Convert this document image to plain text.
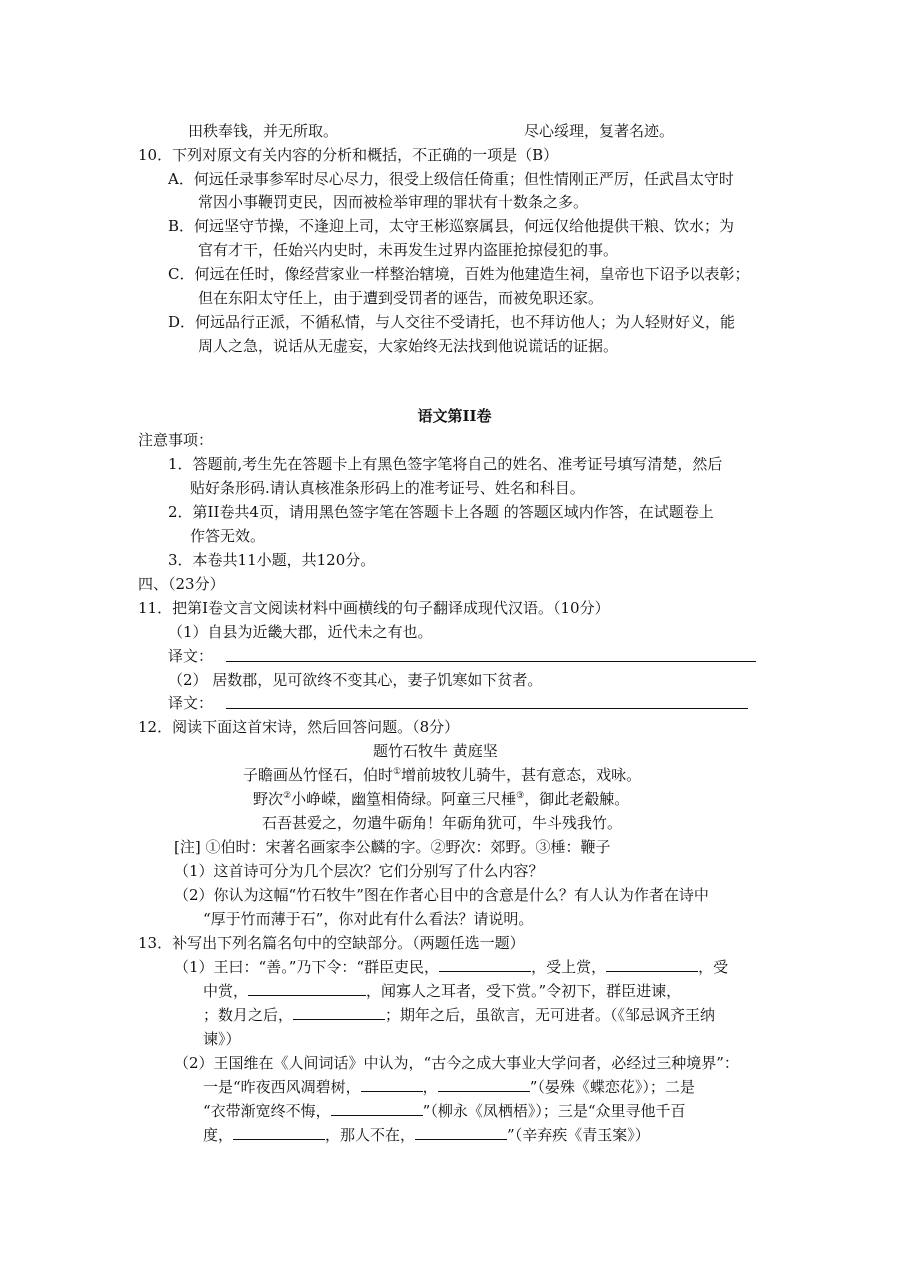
田秩奉钱，并无所取。	尽心绥理，复著名迹。
10．下列对原文有关内容的分析和概括，不正确的一项是（B）
A．何远任录事参军时尽心尽力，很受上级信任倚重；但性情刚正严厉，任武昌太守时
常因小事鞭罚吏民，因而被检举审理的罪状有十数条之多。
B．何远坚守节操，不逢迎上司，太守王彬巡察属县，何远仅给他提供干粮、饮水；为
官有才干，任始兴内史时，未再发生过界内盗匪抢掠侵犯的事。
C．何远在任时，像经营家业一样整治辖境，百姓为他建造生祠，皇帝也下诏予以表彰；
但在东阳太守任上，由于遭到受罚者的诬告，而被免职还家。
D．何远品行正派，不循私情，与人交往不受请托，也不拜访他人；为人轻财好义，能
周人之急，说话从无虚妄，大家始终无法找到他说谎话的证据。
语文第II卷
注意事项：
1．答题前,考生先在答题卡上有黑色签字笔将自己的姓名、准考证号填写清楚，然后
贴好条形码.请认真核准条形码上的准考证号、姓名和科目。
2．第II卷共4页，请用黑色签字笔在答题卡上各题 的答题区域内作答，在试题卷上
作答无效。
3．本卷共11小题，共120分。
四、（23分）
11．把第I卷文言文阅读材料中画横线的句子翻译成现代汉语。（10分）
（1）自县为近畿大郡，近代未之有也。
译文：
（2） 居数郡，见可欲终不变其心，妻子饥寒如下贫者。
译文：
12．阅读下面这首宋诗，然后回答问题。（8分）
题竹石牧牛 黄庭坚
子瞻画丛竹怪石，伯时①增前坡牧儿骑牛，甚有意态，戏咏。
野次②小峥嵘，幽篁相倚绿。阿童三尺棰③，御此老觳觫。
石吾甚爱之，勿遣牛砺角！年砺角犹可，牛斗残我竹。
[注] ①伯时：宋著名画家李公麟的字。②野次：郊野。③棰：鞭子
（1）这首诗可分为几个层次？它们分别写了什么内容？
（2）你认为这幅“竹石牧牛”图在作者心目中的含意是什么？有人认为作者在诗中
“厚于竹而薄于石”，你对此有什么看法？请说明。
13．补写出下列名篇名句中的空缺部分。（两题任选一题）
（1）王曰：“善。”乃下令：“群臣吏民，	，受上赏，	，受
中赏，	，闻寡人之耳者，受下赏。”令初下，群臣进谏，
；数月之后，	；期年之后，虽欲言，无可进者。（《邹忌讽齐王纳
谏》）
（2）王国维在《人间词话》中认为，“古今之成大事业大学问者，必经过三种境界”：
一是“昨夜西风凋碧树，	，	”（晏殊《蝶恋花》）；二是
“衣带渐宽终不悔，	”（柳永《凤栖梧》）；三是“众里寻他千百
度，	，那人不在，	”（辛弃疾《青玉案》）
